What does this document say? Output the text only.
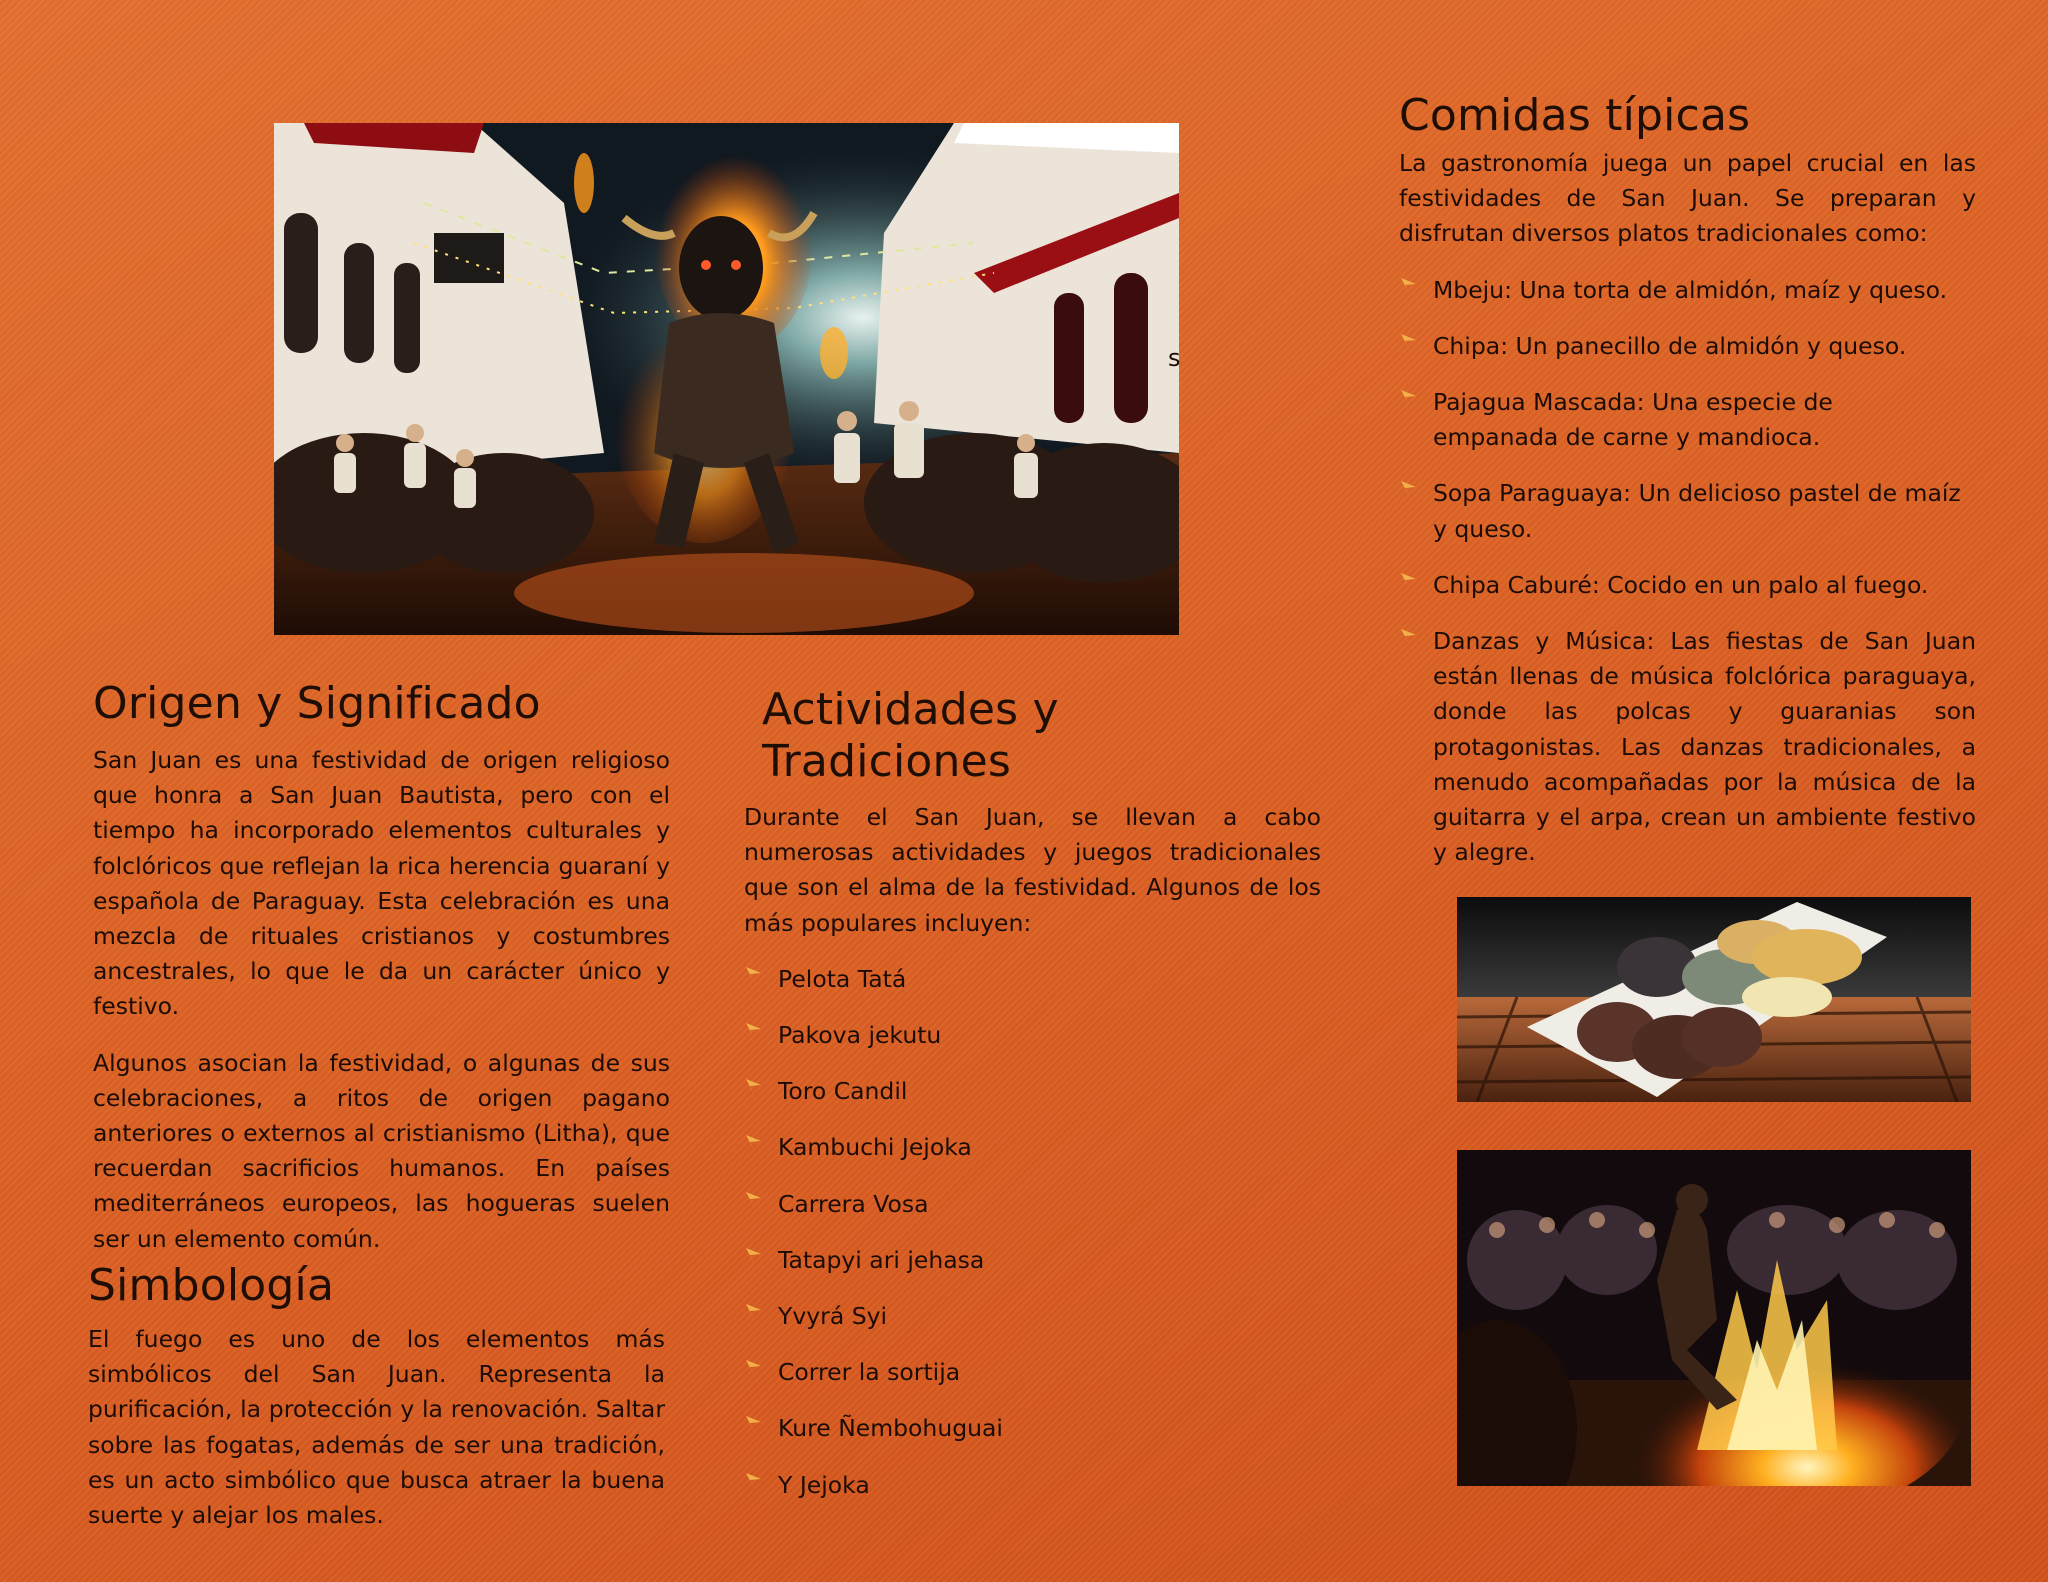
s
Origen y Significado

San Juan es una festividad de origen religioso que honra a San Juan Bautista, pero con el tiempo ha incorporado elementos culturales y folclóricos que reflejan la rica herencia guaraní y española de Paraguay. Esta celebración es una mezcla de rituales cristianos y costumbres ancestrales, lo que le da un carácter único y festivo.

Algunos asocian la festividad, o algunas de sus celebraciones, a ritos de origen pagano anteriores o externos al cristianismo (Litha), que recuerdan sacrificios humanos. En países mediterráneos europeos, las hogueras suelen ser un elemento común.

Simbología

El fuego es uno de los elementos más simbólicos del San Juan. Representa la purificación, la protección y la renovación. Saltar sobre las fogatas, además de ser una tradición, es un acto simbólico que busca atraer la buena suerte y alejar los males.

Actividades y Tradiciones

Durante el San Juan, se llevan a cabo numerosas actividades y juegos tradicionales que son el alma de la festividad. Algunos de los más populares incluyen:

Pelota Tatá
Pakova jekutu
Toro Candil
Kambuchi Jejoka
Carrera Vosa
Tatapyi ari jehasa
Yvyrá Syi
Correr la sortija
Kure Ñembohuguai
Y Jejoka
Comidas típicas

La gastronomía juega un papel crucial en las festividades de San Juan. Se preparan y disfrutan diversos platos tradicionales como:

Mbeju: Una torta de almidón, maíz y queso.
Chipa: Un panecillo de almidón y queso.
Pajagua Mascada: Una especie de empanada de carne y mandioca.
Sopa Paraguaya: Un delicioso pastel de maíz y queso.
Chipa Caburé: Cocido en un palo al fuego.
Danzas y Música: Las fiestas de San Juan están llenas de música folclórica paraguaya, donde las polcas y guaranias son protagonistas. Las danzas tradicionales, a menudo acompañadas por la música de la guitarra y el arpa, crean un ambiente festivo y alegre.
